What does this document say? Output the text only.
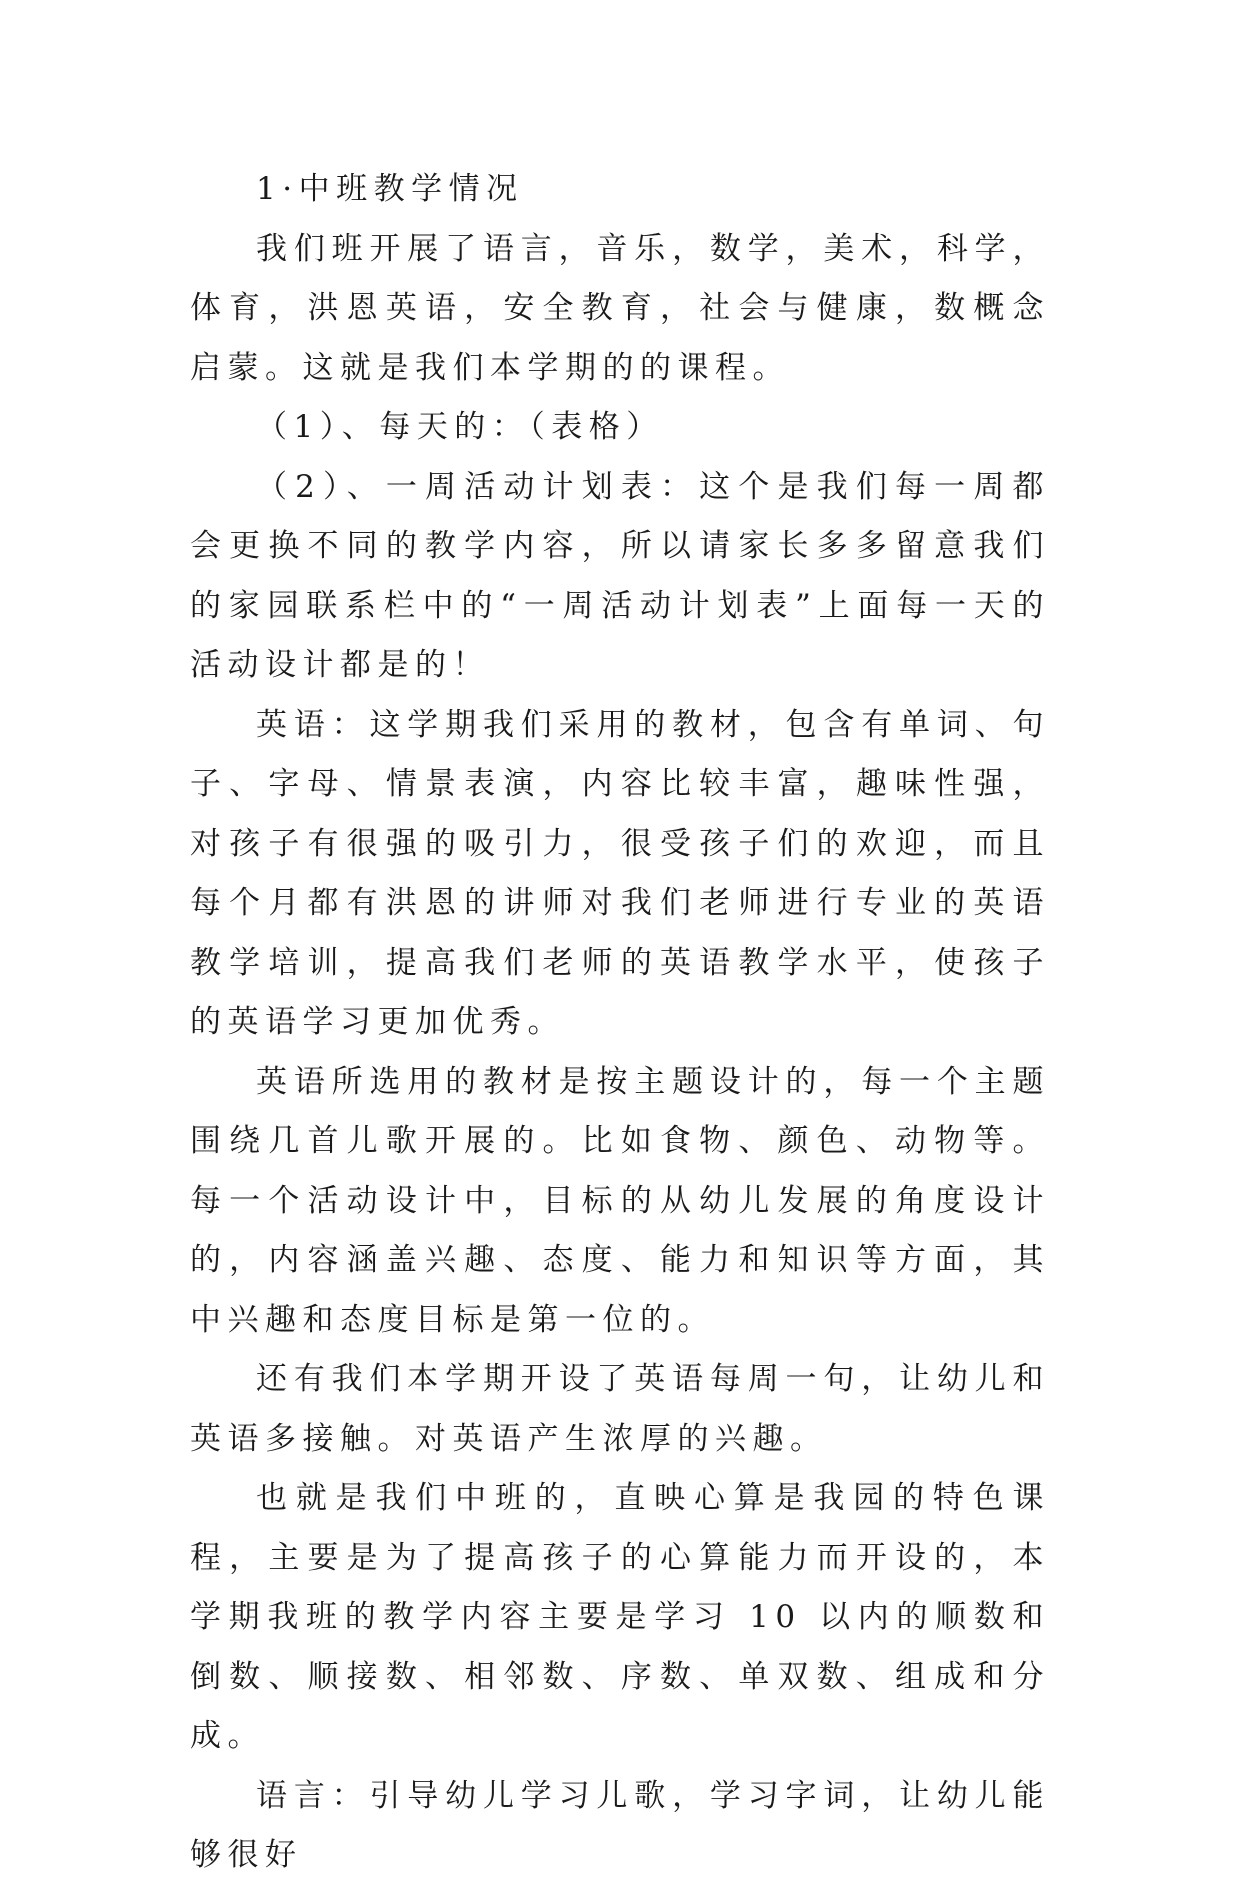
1·中班教学情况

我们班开展了语言，音乐，数学，美术，科学，体育，洪恩英语，安全教育，社会与健康，数概念启蒙。这就是我们本学期的的课程。

（1）、每天的：（表格）

（2）、一周活动计划表：这个是我们每一周都会更换不同的教学内容，所以请家长多多留意我们的家园联系栏中的“一周活动计划表”上面每一天的活动设计都是的！

英语：这学期我们采用的教材，包含有单词、句子、字母、情景表演，内容比较丰富，趣味性强，对孩子有很强的吸引力，很受孩子们的欢迎，而且每个月都有洪恩的讲师对我们老师进行专业的英语教学培训，提高我们老师的英语教学水平，使孩子的英语学习更加优秀。

英语所选用的教材是按主题设计的，每一个主题围绕几首儿歌开展的。比如食物、颜色、动物等。每一个活动设计中，目标的从幼儿发展的角度设计的，内容涵盖兴趣、态度、能力和知识等方面，其中兴趣和态度目标是第一位的。

还有我们本学期开设了英语每周一句，让幼儿和英语多接触。对英语产生浓厚的兴趣。

也就是我们中班的，直映心算是我园的特色课程，主要是为了提高孩子的心算能力而开设的，本学期我班的教学内容主要是学习 10 以内的顺数和倒数、顺接数、相邻数、序数、单双数、组成和分成。

语言：引导幼儿学习儿歌，学习字词，让幼儿能够很好
